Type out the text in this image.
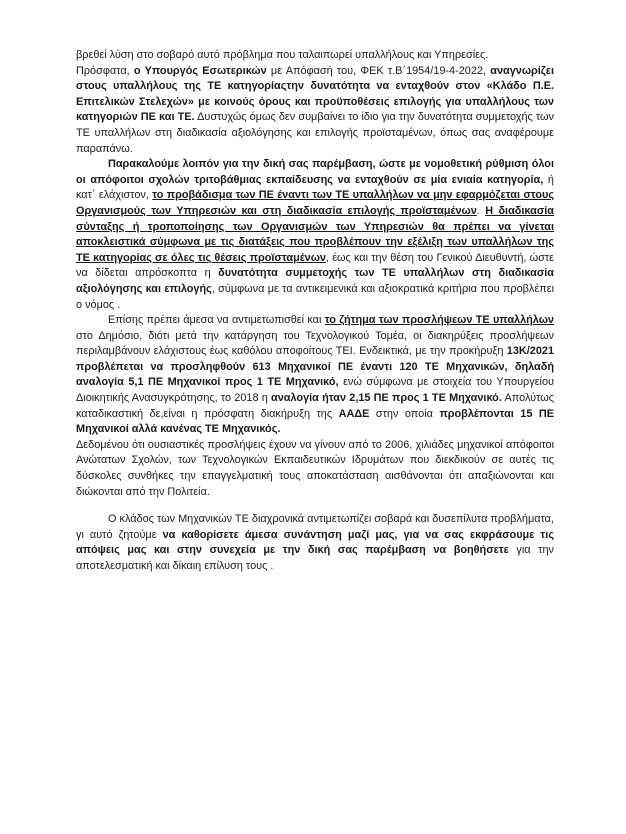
βρεθεί λύση στο σοβαρό αυτό πρόβλημα που ταλαιπωρεί υπαλλήλους και Υπηρεσίες.

Πρόσφατα, ο Υπουργός Εσωτερικών με Απόφασή του, ΦΕΚ τ.Β΄1954/19-4-2022, αναγνωρίζει στους υπαλλήλους της ΤΕ κατηγορίαςτην δυνατότητα να ενταχθούν στον «Κλάδο Π.Ε. Επιτελικών Στελεχών» με κοινούς όρους και προϋποθέσεις επιλογής για υπαλλήλους των κατηγοριών ΠΕ και ΤΕ. Δυστυχώς όμως δεν συμβαίνει το ίδιο για την δυνατότητα συμμετοχής των ΤΕ υπαλλήλων στη διαδικασία αξιολόγησης και επιλογής προϊσταμένων, όπως σας αναφέρουμε παραπάνω.

Παρακαλούμε λοιπόν για την δική σας παρέμβαση, ώστε με νομοθετική ρύθμιση όλοι οι απόφοιτοι σχολών τριτοβάθμιας εκπαίδευσης να ενταχθούν σε μία ενιαία κατηγορία, ή κατ΄ ελάχιστον, το προβάδισμα των ΠΕ έναντι των ΤΕ υπαλλήλων να μην εφαρμόζεται στους Οργανισμούς των Υπηρεσιών και στη διαδικασία επιλογής προϊσταμένων. Η διαδικασία σύνταξης ή τροποποίησης των Οργανισμών των Υπηρεσιών θα πρέπει να γίνεται αποκλειστικά σύμφωνα με τις διατάξεις που προβλέπουν την εξέλιξη των υπαλλήλων της ΤΕ κατηγορίας σε όλες τις θέσεις προϊσταμένων, έως και την θέση του Γενικού Διευθυντή, ώστε να δίδεται απρόσκοπτα η δυνατότητα συμμετοχής των ΤΕ υπαλλήλων στη διαδικασία αξιολόγησης και επιλογής, σύμφωνα με τα αντικειμενικά και αξιοκρατικά κριτήρια που προβλέπει ο νόμος .

Επίσης πρέπει άμεσα να αντιμετωπισθεί και το ζήτημα των προσλήψεων ΤΕ υπαλλήλων στο Δημόσιο, διότι μετά την κατάργηση του Τεχνολογικού Τομέα, οι διακηρύξεις προσλήψεων περιλαμβάνουν ελάχιστους έως καθόλου αποφοίτους ΤΕΙ. Ενδεικτικά, με την προκήρυξη 13Κ/2021 προβλέπεται να προσληφθούν 613 Μηχανικοί ΠΕ έναντι 120 ΤΕ Μηχανικών, δηλαδή αναλογία 5,1 ΠΕ Μηχανικοί προς 1 ΤΕ Μηχανικό, ενώ σύμφωνα με στοιχεία του Υπουργείου Διοικητικής Ανασυγκρότησης, το 2018 η αναλογία ήταν 2,15 ΠΕ προς 1 ΤΕ Μηχανικό. Απολύτως καταδικαστική δε,είναι η πρόσφατη διακήρυξη της ΑΑΔΕ στην οποία προβλέπονται 15 ΠΕ Μηχανικοί αλλά κανένας ΤΕ Μηχανικός.

Δεδομένου ότι ουσιαστικές προσλήψεις έχουν να γίνουν από το 2006, χιλιάδες μηχανικοί απόφοιτοι Ανώτατων Σχολών, των Τεχνολογικών Εκπαιδευτικών Ιδρυμάτων που διεκδικούν σε αυτές τις δύσκολες συνθήκες την επαγγελματική τους αποκατάσταση αισθάνονται ότι απαξιώνονται και διώκονται από την Πολιτεία.

Ο κλάδος των Μηχανικών ΤΕ διαχρονικά αντιμετωπίζει σοβαρά και δυσεπίλυτα προβλήματα, γι αυτό ζητούμε να καθορίσετε άμεσα συνάντηση μαζί μας, για να σας εκφράσουμε τις απόψεις μας και στην συνεχεία με την δική σας παρέμβαση να βοηθήσετε για την αποτελεσματική και δίκαιη επίλυση τους .
